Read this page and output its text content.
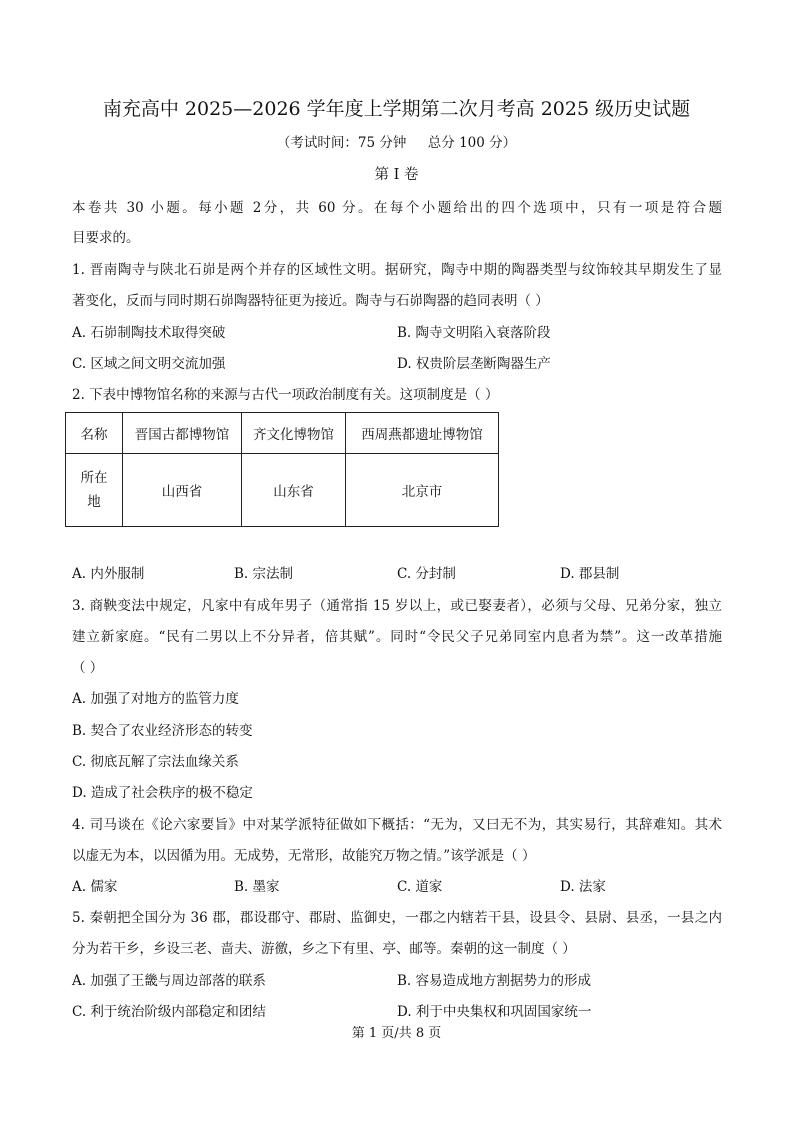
南充高中 2025—2026 学年度上学期第二次月考高 2025 级历史试题
（考试时间：75 分钟     总分 100 分）
第 I 卷
本卷共 30 小题。每小题 2分，共 60 分。在每个小题给出的四个选项中，只有一项是符合题
目要求的。
1. 晋南陶寺与陕北石峁是两个并存的区域性文明。据研究，陶寺中期的陶器类型与纹饰较其早期发生了显
著变化，反而与同时期石峁陶器特征更为接近。陶寺与石峁陶器的趋同表明（ ）
A. 石峁制陶技术取得突破	B. 陶寺文明陷入衰落阶段
C. 区域之间文明交流加强	D. 权贵阶层垄断陶器生产
2. 下表中博物馆名称的来源与古代一项政治制度有关。这项制度是（ ）
名称	晋国古都博物馆	齐文化博物馆	西周燕都遗址博物馆

所在
地	山西省	山东省	北京市
A. 内外服制	B. 宗法制	C. 分封制	D. 郡县制
3. 商鞅变法中规定，凡家中有成年男子（通常指 15 岁以上，或已娶妻者），必须与父母、兄弟分家，独立
建立新家庭。“民有二男以上不分异者，倍其赋”。同时“令民父子兄弟同室内息者为禁”。这一改革措施
（ ）
A. 加强了对地方的监管力度
B. 契合了农业经济形态的转变
C. 彻底瓦解了宗法血缘关系
D. 造成了社会秩序的极不稳定
4. 司马谈在《论六家要旨》中对某学派特征做如下概括：“无为，又曰无不为，其实易行，其辞难知。其术
以虚无为本，以因循为用。无成势，无常形，故能究万物之情。”该学派是（ ）
A. 儒家	B. 墨家	C. 道家	D. 法家
5. 秦朝把全国分为 36 郡，郡设郡守、郡尉、监御史，一郡之内辖若干县，设县令、县尉、县丞，一县之内
分为若干乡，乡设三老、啬夫、游徼，乡之下有里、亭、邮等。秦朝的这一制度（ ）
A. 加强了王畿与周边部落的联系	B. 容易造成地方割据势力的形成
C. 利于统治阶级内部稳定和团结	D. 利于中央集权和巩固国家统一
第 1 页/共 8 页
